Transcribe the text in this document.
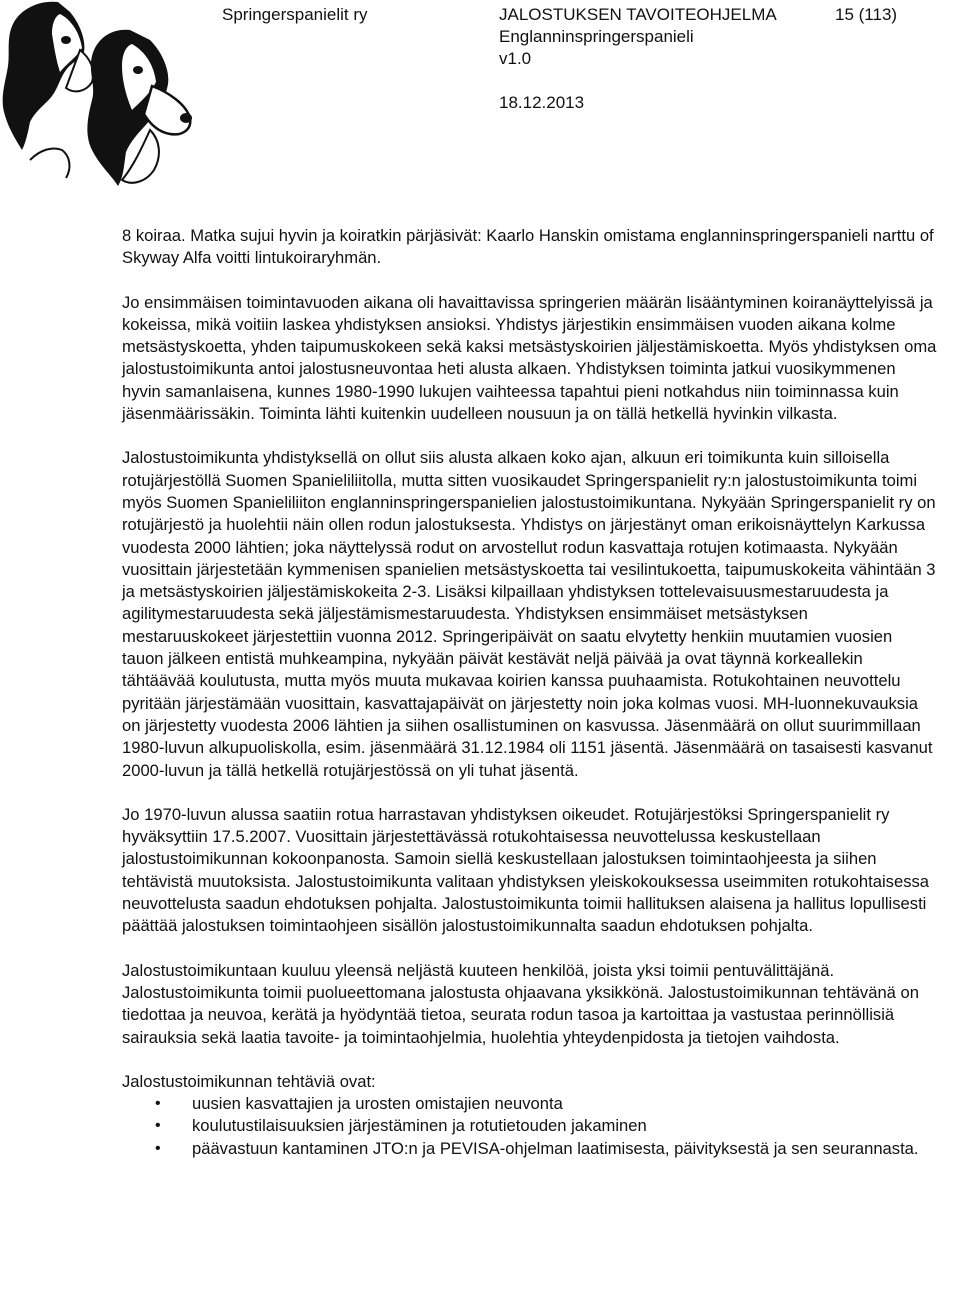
Springerspanielit ry	JALOSTUKSEN TAVOITEOHJELMA
Englanninspringerspanieli
v1.0
15 (113)
18.12.2013

8 koiraa. Matka sujui hyvin ja koiratkin pärjäsivät: Kaarlo Hanskin omistama englanninspringerspanieli narttu of Skyway Alfa voitti lintukoiraryhmän.

Jo ensimmäisen toimintavuoden aikana oli havaittavissa springerien määrän lisääntyminen koiranäyttelyissä ja kokeissa, mikä voitiin laskea yhdistyksen ansioksi. Yhdistys järjestikin ensimmäisen vuoden aikana kolme metsästyskoetta, yhden taipumuskokeen sekä kaksi metsästyskoirien jäljestämiskoetta. Myös yhdistyksen oma jalostustoimikunta antoi jalostusneuvontaa heti alusta alkaen. Yhdistyksen toiminta jatkui vuosikymmenen hyvin samanlaisena, kunnes 1980-1990 lukujen vaihteessa tapahtui pieni notkahdus niin toiminnassa kuin jäsenmäärissäkin. Toiminta lähti kuitenkin uudelleen nousuun ja on tällä hetkellä hyvinkin vilkasta.

Jalostustoimikunta yhdistyksellä on ollut siis alusta alkaen koko ajan, alkuun eri toimikunta kuin silloisella rotujärjestöllä Suomen Spanieliliitolla, mutta sitten vuosikaudet Springerspanielit ry:n jalostustoimikunta toimi myös Suomen Spanieliliiton englanninspringerspanielien jalostustoimikuntana. Nykyään Springerspanielit ry on rotujärjestö ja huolehtii näin ollen rodun jalostuksesta. Yhdistys on järjestänyt oman erikoisnäyttelyn Karkussa vuodesta 2000 lähtien; joka näyttelyssä rodut on arvostellut rodun kasvattaja rotujen kotimaasta. Nykyään vuosittain järjestetään kymmenisen spanielien metsästyskoetta tai vesilintukoetta, taipumuskokeita vähintään 3 ja metsästyskoirien jäljestämiskokeita 2-3. Lisäksi kilpaillaan yhdistyksen tottelevaisuusmestaruudesta ja agilitymestaruudesta sekä jäljestämismestaruudesta. Yhdistyksen ensimmäiset metsästyksen mestaruuskokeet järjestettiin vuonna 2012. Springeripäivät on saatu elvytetty henkiin muutamien vuosien tauon jälkeen entistä muhkeampina, nykyään päivät kestävät neljä päivää ja ovat täynnä korkeallekin tähtäävää koulutusta, mutta myös muuta mukavaa koirien kanssa puuhaamista. Rotukohtainen neuvottelu pyritään järjestämään vuosittain, kasvattajapäivät on järjestetty noin joka kolmas vuosi. MH-luonnekuvauksia on järjestetty vuodesta 2006 lähtien ja siihen osallistuminen on kasvussa. Jäsenmäärä on ollut suurimmillaan 1980-luvun alkupuoliskolla, esim. jäsenmäärä 31.12.1984 oli 1151 jäsentä. Jäsenmäärä on tasaisesti kasvanut 2000-luvun ja tällä hetkellä rotujärjestössä on yli tuhat jäsentä.

Jo 1970-luvun alussa saatiin rotua harrastavan yhdistyksen oikeudet. Rotujärjestöksi Springerspanielit ry hyväksyttiin 17.5.2007. Vuosittain järjestettävässä rotukohtaisessa neuvottelussa keskustellaan jalostustoimikunnan kokoonpanosta. Samoin siellä keskustellaan jalostuksen toimintaohjeesta ja siihen tehtävistä muutoksista. Jalostustoimikunta valitaan yhdistyksen yleiskokouksessa useimmiten rotukohtaisessa neuvottelusta saadun ehdotuksen pohjalta. Jalostustoimikunta toimii hallituksen alaisena ja hallitus lopullisesti päättää jalostuksen toimintaohjeen sisällön jalostustoimikunnalta saadun ehdotuksen pohjalta.

Jalostustoimikuntaan kuuluu yleensä neljästä kuuteen henkilöä, joista yksi toimii pentuvälittäjänä. Jalostustoimikunta toimii puolueettomana jalostusta ohjaavana yksikkönä. Jalostustoimikunnan tehtävänä on tiedottaa ja neuvoa, kerätä ja hyödyntää tietoa, seurata rodun tasoa ja kartoittaa ja vastustaa perinnöllisiä sairauksia sekä laatia tavoite- ja toimintaohjelmia, huolehtia yhteydenpidosta ja tietojen vaihdosta.

Jalostustoimikunnan tehtäviä ovat:

• uusien kasvattajien ja urosten omistajien neuvonta
• koulutustilaisuuksien järjestäminen ja rotutietouden jakaminen
• päävastuun kantaminen JTO:n ja PEVISA-ohjelman laatimisesta, päivityksestä ja sen seurannasta.
